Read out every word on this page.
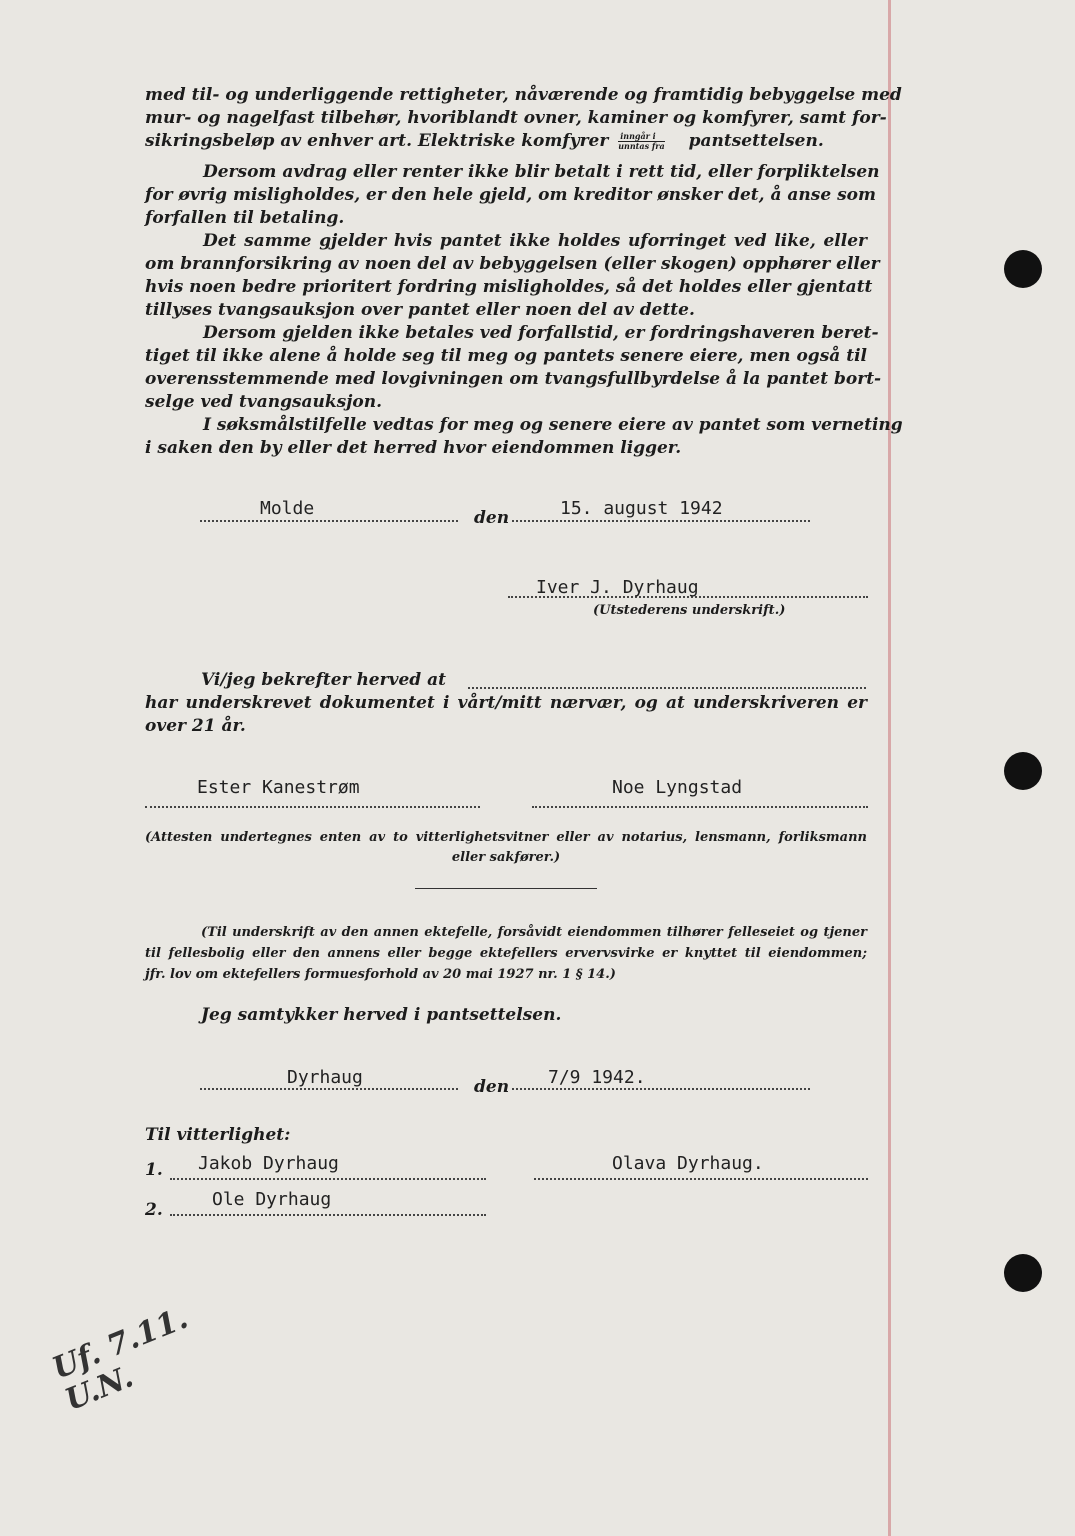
med til- og underliggende rettigheter, nåværende og framtidig bebyggelse med
mur- og nagelfast tilbehør, hvoriblandt ovner, kaminer og komfyrer, samt for-
sikringsbeløp av enhver art. Elektriske komfyrer $\frac{\text{inngår i}}{\text{unntas fra}}$ pantsettelsen.
Dersom avdrag eller renter ikke blir betalt i rett tid, eller forpliktelsen
for øvrig misligholdes, er den hele gjeld, om kreditor ønsker det, å anse som
forfallen til betaling.
Det samme gjelder hvis pantet ikke holdes uforringet ved like, eller
om brannforsikring av noen del av bebyggelsen (eller skogen) opphører eller
hvis noen bedre prioritert fordring misligholdes, så det holdes eller gjentatt
tillyses tvangsauksjon over pantet eller noen del av dette.
Dersom gjelden ikke betales ved forfallstid, er fordringshaveren beret-
tiget til ikke alene å holde seg til meg og pantets senere eiere, men også til
overensstemmende med lovgivningen om tvangsfullbyrdelse å la pantet bort-
selge ved tvangsauksjon.
I søksmålstilfelle vedtas for meg og senere eiere av pantet som verneting
i saken den by eller det herred hvor eiendommen ligger.
Molde	den	15. august 1942
Iver J. Dyrhaug
(Utstederens underskrift.)
Vi/jeg bekrefter herved at
har underskrevet dokumentet i vårt/mitt nærvær, og at underskriveren er
over 21 år.
Ester Kanestrøm	Noe Lyngstad
(Attesten undertegnes enten av to vitterlighetsvitner eller av notarius, lensmann, forliksmann
eller sakfører.)
(Til underskrift av den annen ektefelle, forsåvidt eiendommen tilhører felleseiet og tjener
til fellesbolig eller den annens eller begge ektefellers ervervsvirke er knyttet til eiendommen;
jfr. lov om ektefellers formuesforhold av 20 mai 1927 nr. 1 § 14.)
Jeg samtykker herved i pantsettelsen.
Dyrhaug	den 7/9 1942.
Til vitterlighet:
1. Jakob Dyrhaug	Olava Dyrhaug.
2.	Ole Dyrhaug
Uf. 7.11.
U.N.
